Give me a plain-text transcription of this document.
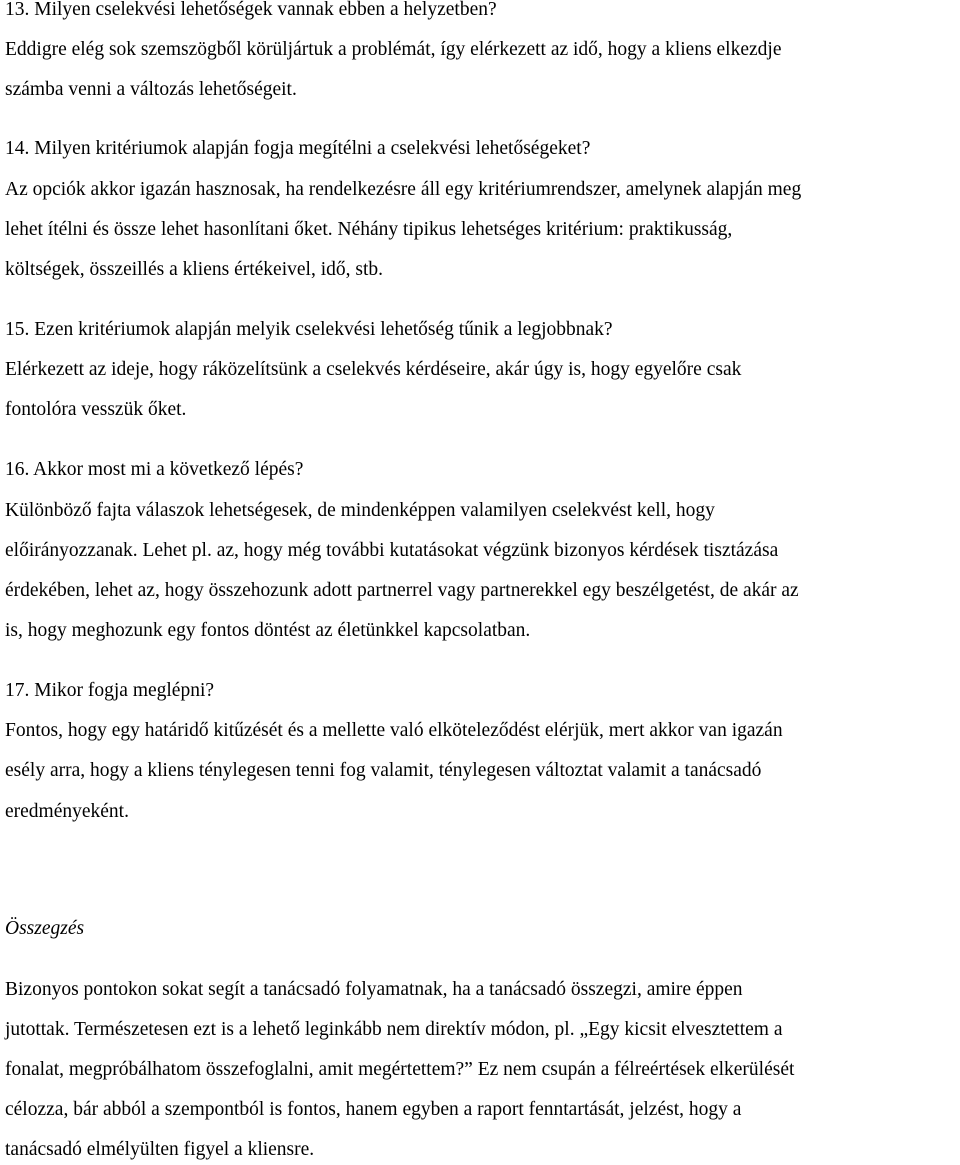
13. Milyen cselekvési lehetőségek vannak ebben a helyzetben?
Eddigre elég sok szemszögből körüljártuk a problémát, így elérkezett az idő, hogy a kliens elkezdje
számba venni a változás lehetőségeit.
14. Milyen kritériumok alapján fogja megítélni a cselekvési lehetőségeket?
Az opciók akkor igazán hasznosak, ha rendelkezésre áll egy kritériumrendszer, amelynek alapján meg
lehet ítélni és össze lehet hasonlítani őket. Néhány tipikus lehetséges kritérium: praktikusság,
költségek, összeillés a kliens értékeivel, idő, stb.
15. Ezen kritériumok alapján melyik cselekvési lehetőség tűnik a legjobbnak?
Elérkezett az ideje, hogy ráközelítsünk a cselekvés kérdéseire, akár úgy is, hogy egyelőre csak
fontolóra vesszük őket.
16. Akkor most mi a következő lépés?
Különböző fajta válaszok lehetségesek, de mindenképpen valamilyen cselekvést kell, hogy
előirányozzanak. Lehet pl. az, hogy még további kutatásokat végzünk bizonyos kérdések tisztázása
érdekében, lehet az, hogy összehozunk adott partnerrel vagy partnerekkel egy beszélgetést, de akár az
is, hogy meghozunk egy fontos döntést az életünkkel kapcsolatban.
17. Mikor fogja meglépni?
Fontos, hogy egy határidő kitűzését és a mellette való elköteleződést elérjük, mert akkor van igazán
esély arra, hogy a kliens ténylegesen tenni fog valamit, ténylegesen változtat valamit a tanácsadó
eredményeként.
Összegzés
Bizonyos pontokon sokat segít a tanácsadó folyamatnak, ha a tanácsadó összegzi, amire éppen
jutottak. Természetesen ezt is a lehető leginkább nem direktív módon, pl. „Egy kicsit elvesztettem a
fonalat, megpróbálhatom összefoglalni, amit megértettem?” Ez nem csupán a félreértések elkerülését
célozza, bár abból a szempontból is fontos, hanem egyben a raport fenntartását, jelzést, hogy a
tanácsadó elmélyülten figyel a kliensre.
